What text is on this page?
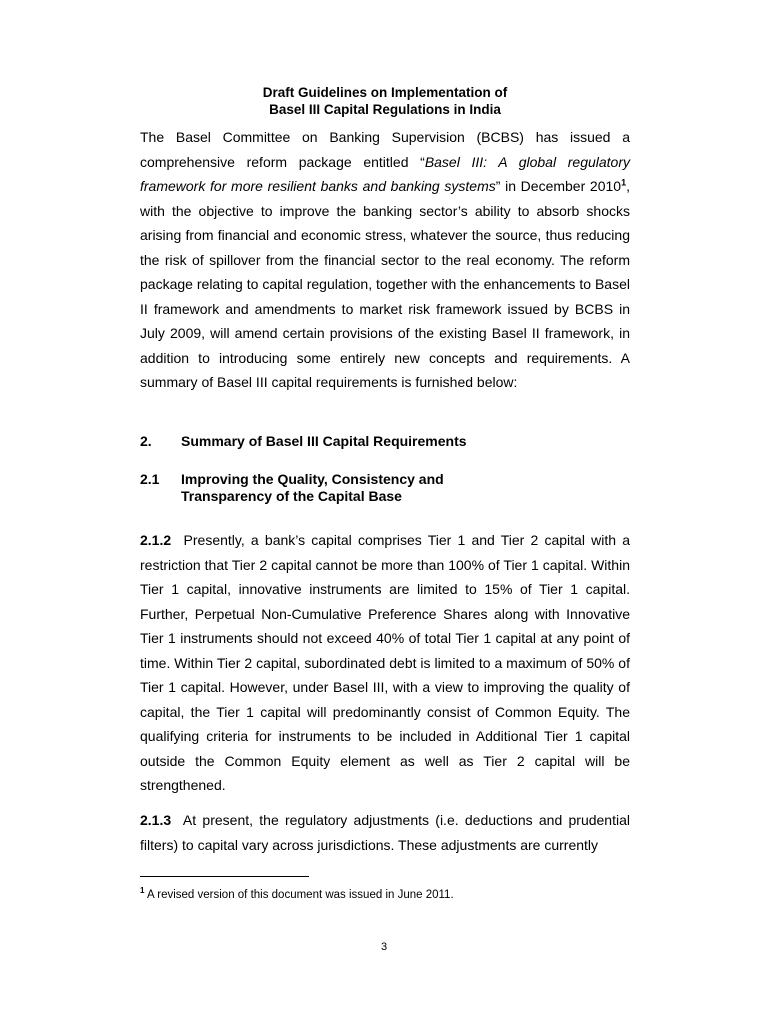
Draft Guidelines on Implementation of
Basel III Capital Regulations in India

The Basel Committee on Banking Supervision (BCBS) has issued a comprehensive reform package entitled “Basel III: A global regulatory framework for more resilient banks and banking systems” in December 2010$^1$, with the objective to improve the banking sector’s ability to absorb shocks arising from financial and economic stress, whatever the source, thus reducing the risk of spillover from the financial sector to the real economy. The reform package relating to capital regulation, together with the enhancements to Basel II framework and amendments to market risk framework issued by BCBS in July 2009, will amend certain provisions of the existing Basel II framework, in addition to introducing some entirely new concepts and requirements. A summary of Basel III capital requirements is furnished below:

2. Summary of Basel III Capital Requirements
2.1 Improving the Quality, Consistency and
Transparency of the Capital Base

2.1.2 Presently, a bank’s capital comprises Tier 1 and Tier 2 capital with a restriction that Tier 2 capital cannot be more than 100% of Tier 1 capital. Within Tier 1 capital, innovative instruments are limited to 15% of Tier 1 capital. Further, Perpetual Non-Cumulative Preference Shares along with Innovative Tier 1 instruments should not exceed 40% of total Tier 1 capital at any point of time. Within Tier 2 capital, subordinated debt is limited to a maximum of 50% of Tier 1 capital. However, under Basel III, with a view to improving the quality of capital, the Tier 1 capital will predominantly consist of Common Equity. The qualifying criteria for instruments to be included in Additional Tier 1 capital outside the Common Equity element as well as Tier 2 capital will be strengthened.

2.1.3 At present, the regulatory adjustments (i.e. deductions and prudential filters) to capital vary across jurisdictions. These adjustments are currently

$^1$ A revised version of this document was issued in June 2011.
3
